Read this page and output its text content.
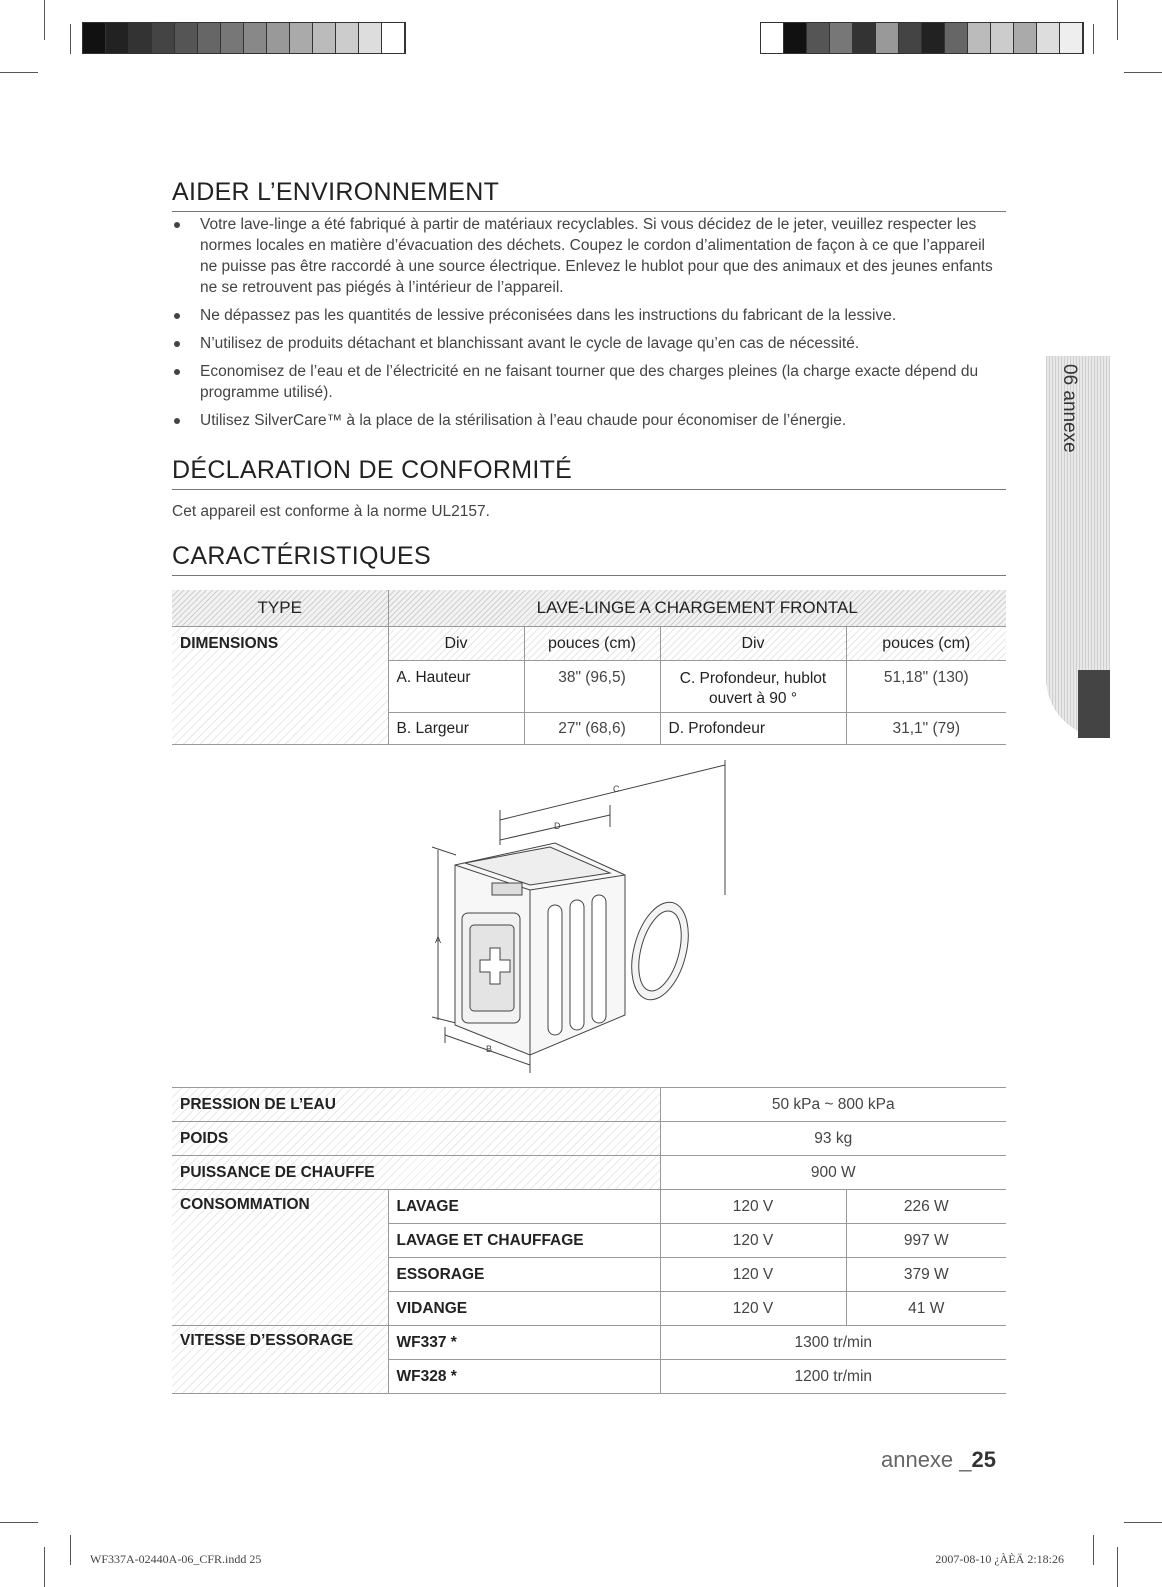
06 annexe
AIDER L’ENVIRONNEMENT
Votre lave-linge a été fabriqué à partir de matériaux recyclables. Si vous décidez de le jeter, veuillez respecter les normes locales en matière d’évacuation des déchets. Coupez le cordon d’alimentation de façon à ce que l’appareil ne puisse pas être raccordé à une source électrique. Enlevez le hublot pour que des animaux et des jeunes enfants ne se retrouvent pas piégés à l’intérieur de l’appareil.
Ne dépassez pas les quantités de lessive préconisées dans les instructions du fabricant de la lessive.
N’utilisez de produits détachant et blanchissant avant le cycle de lavage qu’en cas de nécessité.
Economisez de l’eau et de l’électricité en ne faisant tourner que des charges pleines (la charge exacte dépend du programme utilisé).
Utilisez SilverCare™ à la place de la stérilisation à l’eau chaude pour économiser de l’énergie.
DÉCLARATION DE CONFORMITÉ
Cet appareil est conforme à la norme UL2157.
CARACTÉRISTIQUES
TYPE	LAVE-LINGE A CHARGEMENT FRONTAL			
DIMENSIONS	Div	pouces (cm)	Div	pouces (cm)
	A. Hauteur	38" (96,5)	C. Profondeur, hublot ouvert à 90 °	51,18" (130)
	B. Largeur	27" (68,6)	D. Profondeur	31,1" (79)
C
D
A
B
PRESSION DE L’EAU		50 kPa ~ 800 kPa	
POIDS		93 kg	
PUISSANCE DE CHAUFFE		900 W	
CONSOMMATION	LAVAGE	120 V	226 W
	LAVAGE ET CHAUFFAGE	120 V	997 W
	ESSORAGE	120 V	379 W
	VIDANGE	120 V	41 W
VITESSE D’ESSORAGE	WF337 *	1300 tr/min	
	WF328 *	1200 tr/min	
annexe _25
WF337A-02440A-06_CFR.indd 25	2007-08-10 ¿ÀÈÄ 2:18:26
